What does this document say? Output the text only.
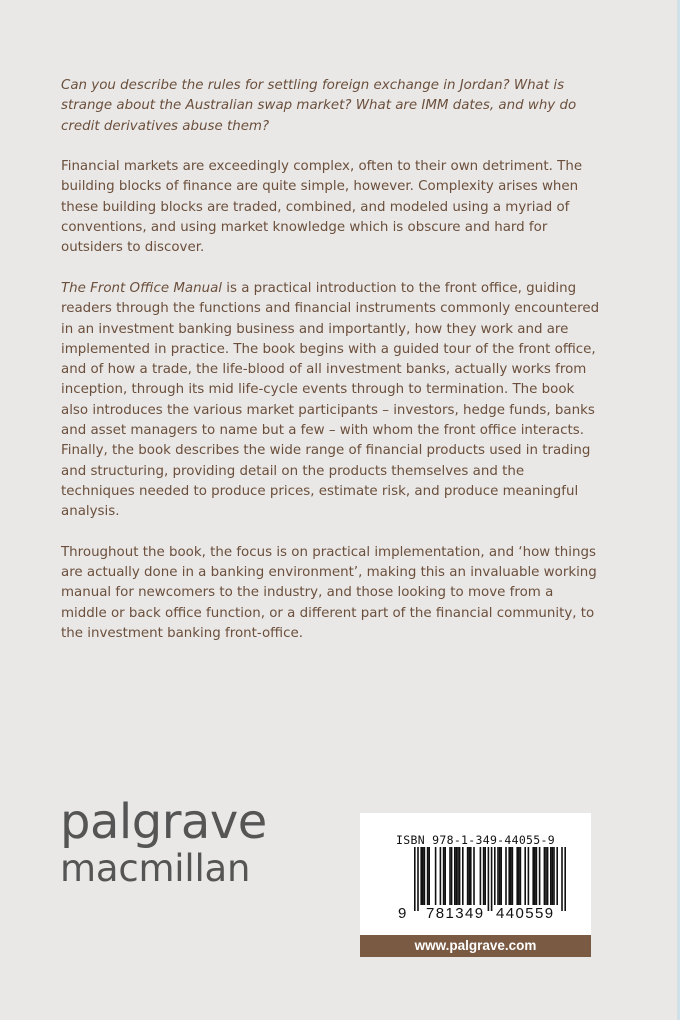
Can you describe the rules for settling foreign exchange in Jordan? What is strange about the Australian swap market? What are IMM dates, and why do credit derivatives abuse them?

Financial markets are exceedingly complex, often to their own detriment. The building blocks of finance are quite simple, however. Complexity arises when these building blocks are traded, combined, and modeled using a myriad of conventions, and using market knowledge which is obscure and hard for outsiders to discover.

The Front Office Manual is a practical introduction to the front office, guiding readers through the functions and financial instruments commonly encountered in an investment banking business and importantly, how they work and are implemented in practice. The book begins with a guided tour of the front office, and of how a trade, the life-blood of all investment banks, actually works from inception, through its mid life-cycle events through to termination. The book also introduces the various market participants – investors, hedge funds, banks and asset managers to name but a few – with whom the front office interacts. Finally, the book describes the wide range of financial products used in trading and structuring, providing detail on the products themselves and the techniques needed to produce prices, estimate risk, and produce meaningful analysis.

Throughout the book, the focus is on practical implementation, and ‘how things are actually done in a banking environment’, making this an invaluable working manual for newcomers to the industry, and those looking to move from a middle or back office function, or a different part of the financial community, to the investment banking front-office.

palgrave
macmillan
ISBN 978-1-349-44055-9
9 781349 440559
www.palgrave.com
